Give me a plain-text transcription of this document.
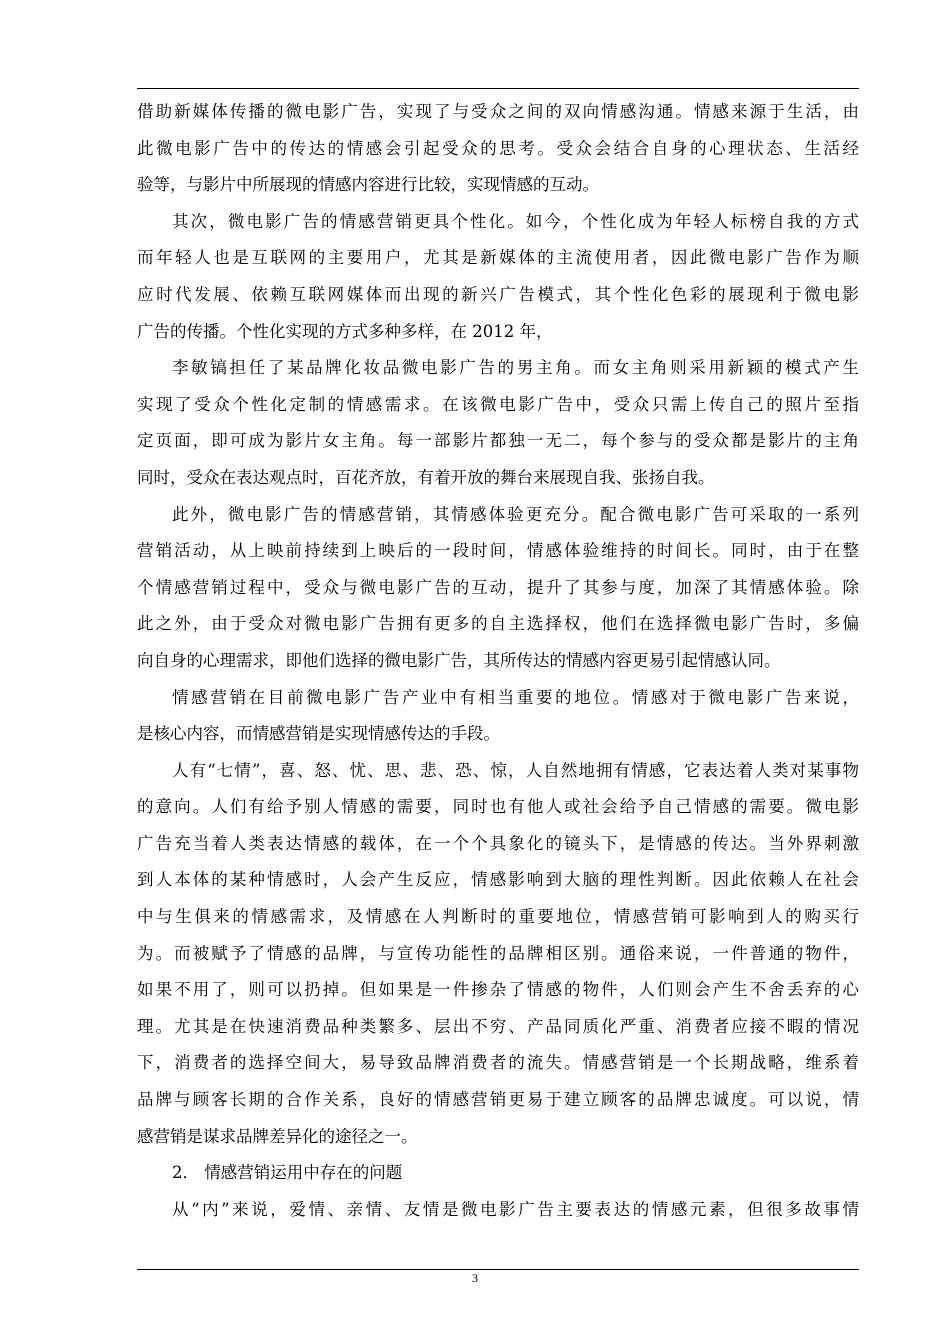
借助新媒体传播的微电影广告，实现了与受众之间的双向情感沟通。情感来源于生活，由
此微电影广告中的传达的情感会引起受众的思考。受众会结合自身的心理状态、生活经
验等，与影片中所展现的情感内容进行比较，实现情感的互动。
其次，微电影广告的情感营销更具个性化。如今，个性化成为年轻人标榜自我的方式
而年轻人也是互联网的主要用户，尤其是新媒体的主流使用者，因此微电影广告作为顺
应时代发展、依赖互联网媒体而出现的新兴广告模式，其个性化色彩的展现利于微电影
广告的传播。个性化实现的方式多种多样，在 2012 年，
李敏镐担任了某品牌化妆品微电影广告的男主角。而女主角则采用新颖的模式产生
实现了受众个性化定制的情感需求。在该微电影广告中，受众只需上传自己的照片至指
定页面，即可成为影片女主角。每一部影片都独一无二，每个参与的受众都是影片的主角
同时，受众在表达观点时，百花齐放，有着开放的舞台来展现自我、张扬自我。
此外，微电影广告的情感营销，其情感体验更充分。配合微电影广告可采取的一系列
营销活动，从上映前持续到上映后的一段时间，情感体验维持的时间长。同时，由于在整
个情感营销过程中，受众与微电影广告的互动，提升了其参与度，加深了其情感体验。除
此之外，由于受众对微电影广告拥有更多的自主选择权，他们在选择微电影广告时，多偏
向自身的心理需求，即他们选择的微电影广告，其所传达的情感内容更易引起情感认同。
情感营销在目前微电影广告产业中有相当重要的地位。情感对于微电影广告来说，
是核心内容，而情感营销是实现情感传达的手段。
人有“七情”，喜、怒、忧、思、悲、恐、惊，人自然地拥有情感，它表达着人类对某事物
的意向。人们有给予别人情感的需要，同时也有他人或社会给予自己情感的需要。微电影
广告充当着人类表达情感的载体，在一个个具象化的镜头下，是情感的传达。当外界刺激
到人本体的某种情感时，人会产生反应，情感影响到大脑的理性判断。因此依赖人在社会
中与生俱来的情感需求，及情感在人判断时的重要地位，情感营销可影响到人的购买行
为。而被赋予了情感的品牌，与宣传功能性的品牌相区别。通俗来说，一件普通的物件，
如果不用了，则可以扔掉。但如果是一件掺杂了情感的物件，人们则会产生不舍丢弃的心
理。尤其是在快速消费品种类繁多、层出不穷、产品同质化严重、消费者应接不暇的情况
下，消费者的选择空间大，易导致品牌消费者的流失。情感营销是一个长期战略，维系着
品牌与顾客长期的合作关系，良好的情感营销更易于建立顾客的品牌忠诚度。可以说，情
感营销是谋求品牌差异化的途径之一。
2． 情感营销运用中存在的问题
从“内”来说，爱情、亲情、友情是微电影广告主要表达的情感元素，但很多故事情
3
